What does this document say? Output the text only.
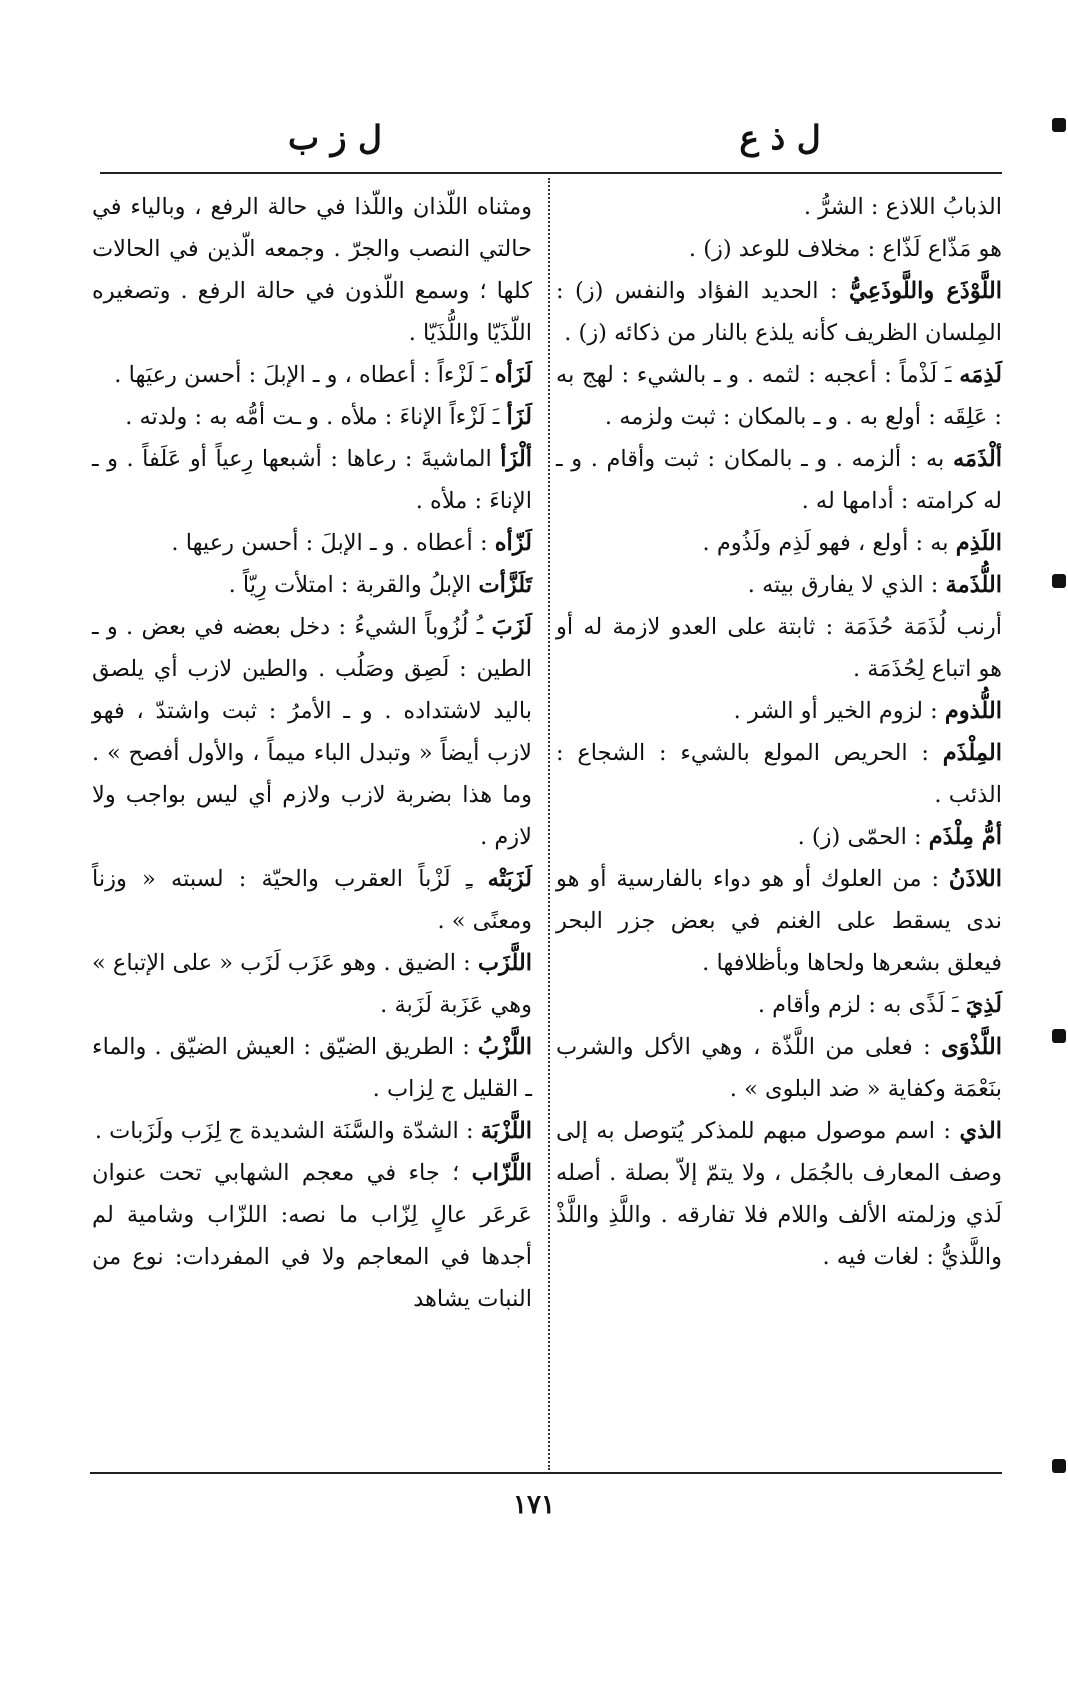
ل ذ ع
ل ز ب

الذبابُ اللاذع : الشرُّ .

هو مَذّاع لَذّاع : مخلاف للوعد (ز) .

اللَّوْذَع واللَّوذَعِيُّ : الحديد الفؤاد والنفس (ز) : المِلسان الظريف كأنه يلذع بالنار من ذكائه (ز) .

لَذِمَه ـَ لَذْماً : أعجبه : لثمه . و ـ بالشيء : لهج به : عَلِقَه : أولع به . و ـ بالمكان : ثبت ولزمه .

ألْذَمَه به : ألزمه . و ـ بالمكان : ثبت وأقام . و ـ له كرامته : أدامها له .

اللَذِم به : أولع ، فهو لَذِم ولَذُوم .

اللُّذَمة : الذي لا يفارق بيته .

أرنب لُذَمَة حُذَمَة : ثابتة على العدو لازمة له أو هو اتباع لِحُذَمَة .

اللُّذوم : لزوم الخير أو الشر .

المِلْذَم : الحريص المولع بالشيء : الشجاع : الذئب .

أمُّ مِلْذَم : الحمّى (ز) .

اللاذَنُ : من العلوك أو هو دواء بالفارسية أو هو ندى يسقط على الغنم في بعض جزر البحر فيعلق بشعرها ولحاها وبأظلافها .

لَذِيَ ـَ لَذًى به : لزم وأقام .

اللَّذْوَى : فعلى من اللَّذّة ، وهي الأكل والشرب بنَعْمَة وكفاية « ضد البلوى » .

الذي : اسم موصول مبهم للمذكر يُتوصل به إلى وصف المعارف بالجُمَل ، ولا يتمّ إلاّ بصلة . أصله لَذي وزلمته الألف واللام فلا تفارقه . واللَّذِ واللَّذْ واللَّذيُّ : لغات فيه .

ومثناه اللّذان واللّذا في حالة الرفع ، وبالياء في حالتي النصب والجرّ . وجمعه الّذين في الحالات كلها ؛ وسمع اللّذون في حالة الرفع . وتصغيره اللّذَيّا واللُّذَيّا .

لَزَأه ـَ لَزْءاً : أعطاه ، و ـ الإبلَ : أحسن رعيَها .

لَزَأ ـَ لَزْءاً الإناءَ : ملأه . و ـت أمُّه به : ولدته .

ألْزَأ الماشيةَ : رعاها : أشبعها رِعياً أو عَلَفاً . و ـ الإناءَ : ملأه .

لَزّأه : أعطاه . و ـ الإبلَ : أحسن رعيها .

تَلَزَّأت الإبلُ والقربة : امتلأت رِيّاً .

لَزَبَ ـُ لُزُوباً الشيءُ : دخل بعضه في بعض . و ـ الطين : لَصِق وصَلُب . والطين لازب أي يلصق باليد لاشتداده . و ـ الأمرُ : ثبت واشتدّ ، فهو لازب أيضاً « وتبدل الباء ميماً ، والأول أفصح » . وما هذا بضربة لازب ولازم أي ليس بواجب ولا لازم .

لَزَبَتْه ـِ لَزْباً العقرب والحيّة : لسبته « وزناً ومعنًى » .

اللَّزَب : الضيق . وهو عَزَب لَزَب « على الإتباع » وهي عَزَبة لَزَبة .

اللَّزْبُ : الطريق الضيّق : العيش الضيّق . والماء ـ القليل ج لِزاب .

اللَّزْبَة : الشدّة والسَّنَة الشديدة ج لِزَب ولَزَبات .

اللَّزّاب ؛ جاء في معجم الشهابي تحت عنوان عَرعَر عالٍ لِزّاب ما نصه: اللزّاب وشامية لم أجدها في المعاجم ولا في المفردات: نوع من النبات يشاهد

١٧١
